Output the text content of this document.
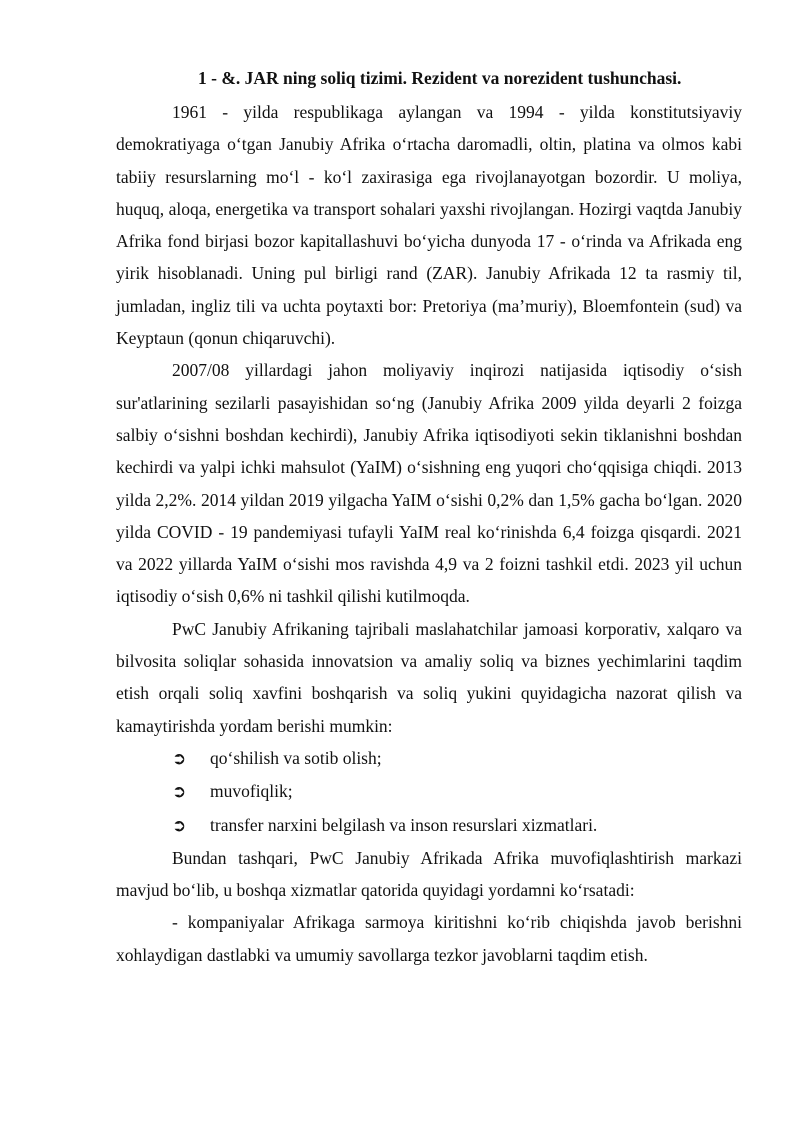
1 - &. JAR ning soliq tizimi. Rezident va norezident tushunchasi.

1961 - yilda respublikaga aylangan va 1994 - yilda konstitutsiyaviy demokratiyaga oʻtgan Janubiy Afrika oʻrtacha daromadli, oltin, platina va olmos kabi tabiiy resurslarning moʻl - koʻl zaxirasiga ega rivojlanayotgan bozordir. U moliya, huquq, aloqa, energetika va transport sohalari yaxshi rivojlangan. Hozirgi vaqtda Janubiy Afrika fond birjasi bozor kapitallashuvi boʻyicha dunyoda 17 - oʻrinda va Afrikada eng yirik hisoblanadi. Uning pul birligi rand (ZAR). Janubiy Afrikada 12 ta rasmiy til, jumladan, ingliz tili va uchta poytaxti bor: Pretoriya (ma’muriy), Bloemfontein (sud) va Keyptaun (qonun chiqaruvchi).

2007/08 yillardagi jahon moliyaviy inqirozi natijasida iqtisodiy oʻsish sur'atlarining sezilarli pasayishidan soʻng (Janubiy Afrika 2009 yilda deyarli 2 foizga salbiy oʻsishni boshdan kechirdi), Janubiy Afrika iqtisodiyoti sekin tiklanishni boshdan kechirdi va yalpi ichki mahsulot (YaIM) oʻsishning eng yuqori choʻqqisiga chiqdi. 2013 yilda 2,2%. 2014 yildan 2019 yilgacha YaIM oʻsishi 0,2% dan 1,5% gacha boʻlgan. 2020 yilda COVID - 19 pandemiyasi tufayli YaIM real koʻrinishda 6,4 foizga qisqardi. 2021 va 2022 yillarda YaIM oʻsishi mos ravishda 4,9 va 2 foizni tashkil etdi. 2023 yil uchun iqtisodiy oʻsish 0,6% ni tashkil qilishi kutilmoqda.

PwC Janubiy Afrikaning tajribali maslahatchilar jamoasi korporativ, xalqaro va bilvosita soliqlar sohasida innovatsion va amaliy soliq va biznes yechimlarini taqdim etish orqali soliq xavfini boshqarish va soliq yukini quyidagicha nazorat qilish va kamaytirishda yordam berishi mumkin:

➲	qoʻshilish va sotib olish;
➲	muvofiqlik;
➲	transfer narxini belgilash va inson resurslari xizmatlari.

Bundan tashqari, PwC Janubiy Afrikada Afrika muvofiqlashtirish markazi mavjud boʻlib, u boshqa xizmatlar qatorida quyidagi yordamni koʻrsatadi:

- kompaniyalar Afrikaga sarmoya kiritishni koʻrib chiqishda javob berishni xohlaydigan dastlabki va umumiy savollarga tezkor javoblarni taqdim etish.
